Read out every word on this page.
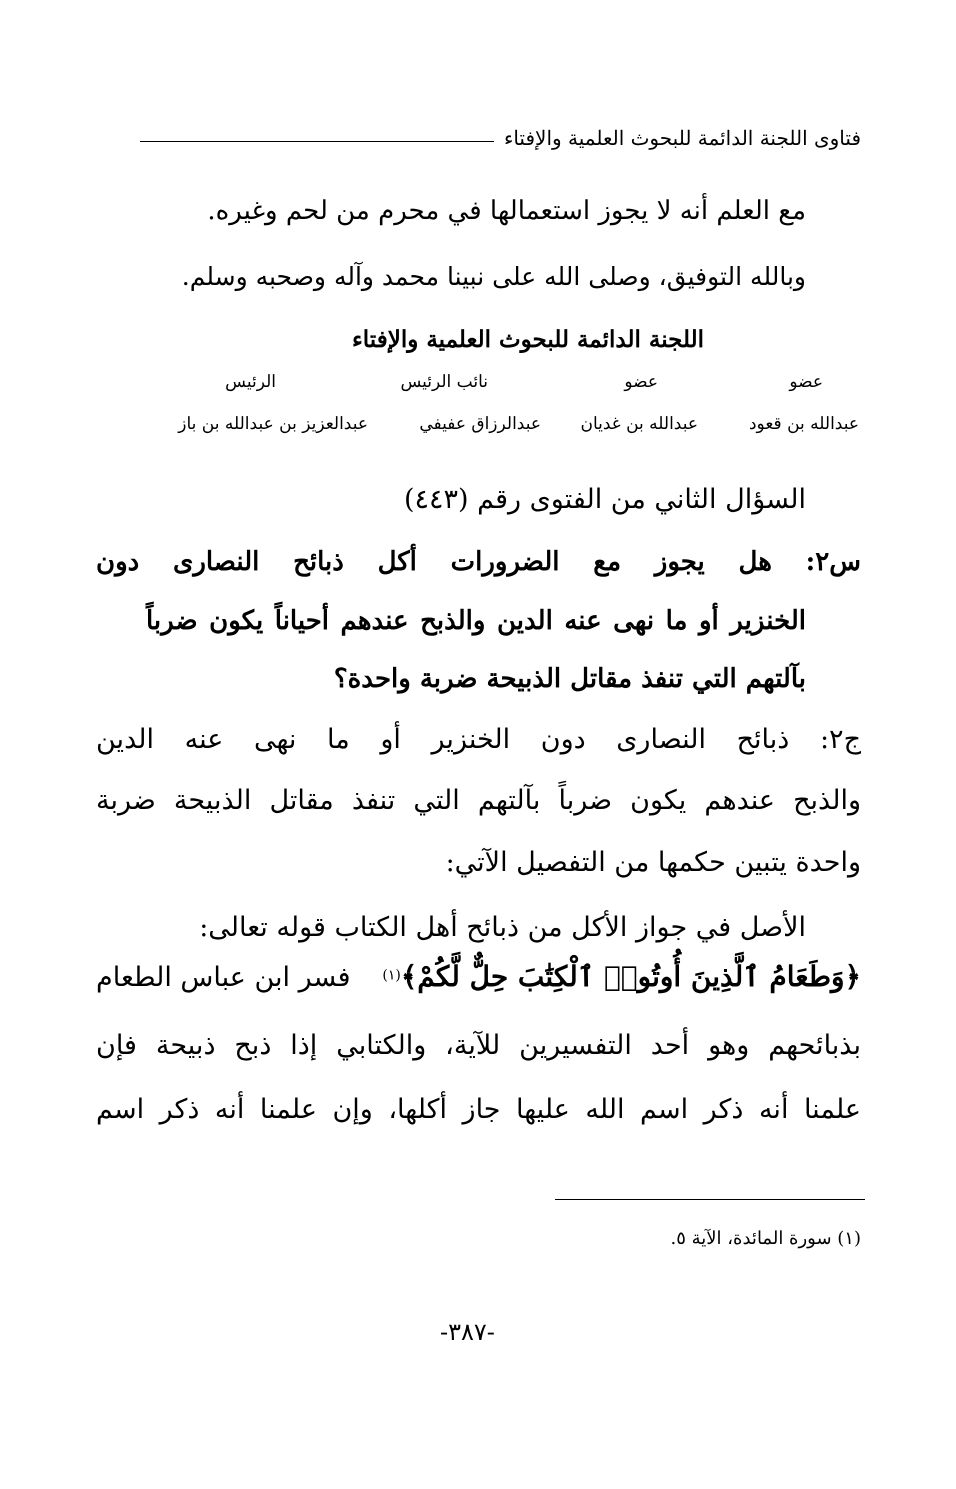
فتاوى اللجنة الدائمة للبحوث العلمية والإفتاء
مع العلم أنه لا يجوز استعمالها في محرم من لحم وغيره.
وبالله التوفيق، وصلى الله على نبينا محمد وآله وصحبه وسلم.
اللجنة الدائمة للبحوث العلمية والإفتاء
عضو
عضو
نائب الرئيس
الرئيس
عبدالله بن قعود
عبدالله بن غديان
عبدالرزاق عفيفي
عبدالعزيز بن عبدالله بن باز
السؤال الثاني من الفتوى رقم (٤٤٣)
س٢: هل يجوز مع الضرورات أكل ذبائح النصارى دون
الخنزير أو ما نهى عنه الدين والذبح عندهم أحياناً يكون ضرباً
بآلتهم التي تنفذ مقاتل الذبيحة ضربة واحدة؟
ج٢: ذبائح النصارى دون الخنزير أو ما نهى عنه الدين
والذبح عندهم يكون ضرباً بآلتهم التي تنفذ مقاتل الذبيحة ضربة
واحدة يتبين حكمها من التفصيل الآتي:
الأصل في جواز الأكل من ذبائح أهل الكتاب قوله تعالى:
﴿وَطَعَامُ ٱلَّذِينَ أُوتُوا۟ ٱلْكِتَٰبَ حِلٌّ لَّكُمْ﴾$^{(١)}$
فسر ابن عباس الطعام
بذبائحهم وهو أحد التفسيرين للآية، والكتابي إذا ذبح ذبيحة فإن
علمنا أنه ذكر اسم الله عليها جاز أكلها، وإن علمنا أنه ذكر اسم
(١) سورة المائدة، الآية ٥.
-٣٨٧-
